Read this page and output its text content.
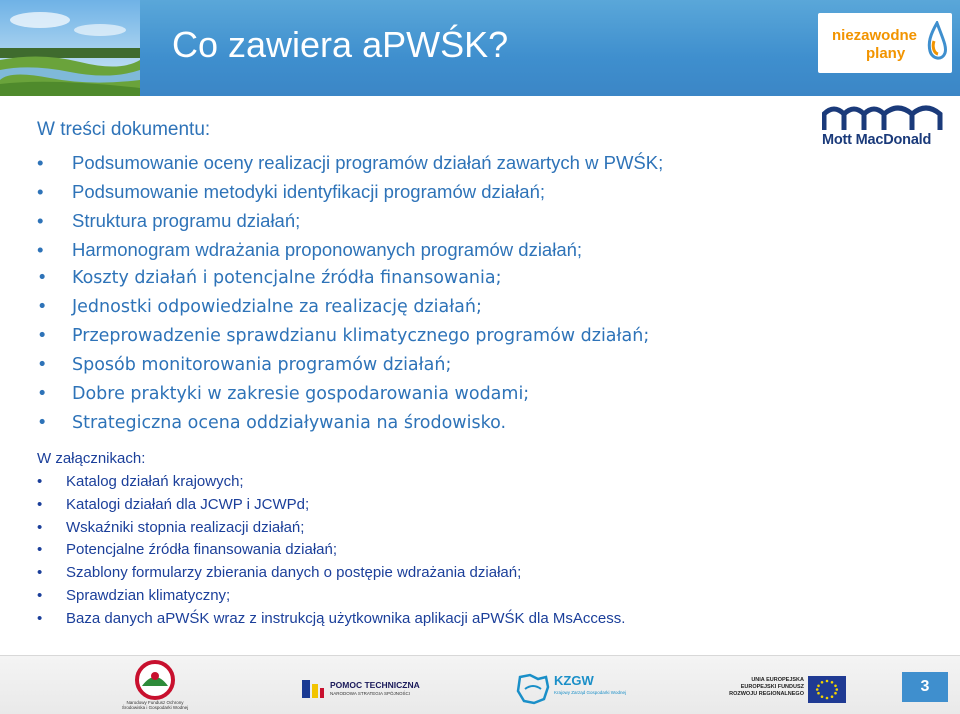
Co zawiera aPWŚK?	niezawodne
plany
Mott MacDonald
W treści dokumentu:
• Podsumowanie oceny realizacji programów działań zawartych w PWŚK;
• Podsumowanie metodyki identyfikacji programów działań;
• Struktura programu działań;
• Harmonogram wdrażania proponowanych programów działań;
• Koszty działań i potencjalne źródła finansowania;
• Jednostki odpowiedzialne za realizację działań;
• Przeprowadzenie sprawdzianu klimatycznego programów działań;
• Sposób monitorowania programów działań;
• Dobre praktyki w zakresie gospodarowania wodami;
• Strategiczna ocena oddziaływania na środowisko.
W załącznikach:
• Katalog działań krajowych;
• Katalogi działań dla JCWP i JCWPd;
• Wskaźniki stopnia realizacji działań;
• Potencjalne źródła finansowania działań;
• Szablony formularzy zbierania danych o postępie wdrażania działań;
• Sprawdzian klimatyczny;
• Baza danych aPWŚK wraz z instrukcją użytkownika aplikacji aPWŚK dla MsAccess.
Narodowy Fundusz Ochrony Środowiska i Gospodarki Wodnej
POMOC TECHNICZNA
NARODOWA STRATEGIA SPÓJNOŚCI
KZGW
Krajowy Zarząd Gospodarki Wodnej
UNIA EUROPEJSKA
EUROPEJSKI FUNDUSZ
ROZWOJU REGIONALNEGO	3
